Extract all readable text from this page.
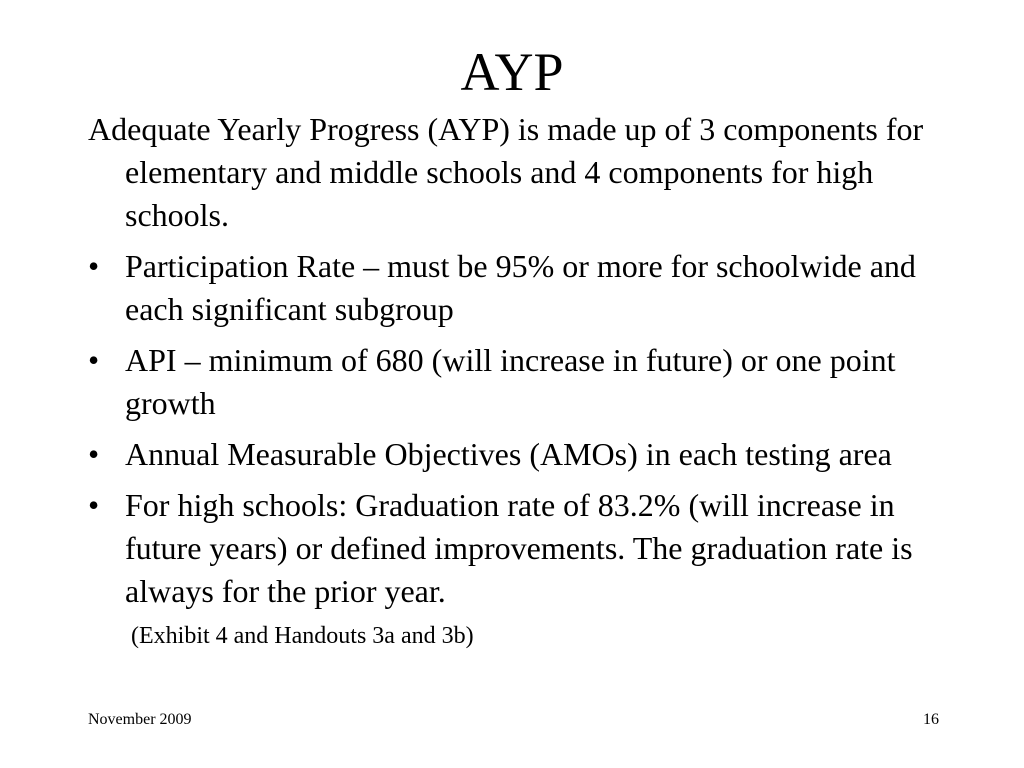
AYP

Adequate Yearly Progress (AYP) is made up of 3 components for elementary and middle schools and 4 components for high schools.

• Participation Rate – must be 95% or more for schoolwide and each significant subgroup
• API – minimum of 680 (will increase in future) or one point growth
• Annual Measurable Objectives (AMOs) in each testing area
• For high schools: Graduation rate of 83.2% (will increase in future years) or defined improvements. The graduation rate is always for the prior year.

(Exhibit 4 and Handouts 3a and 3b)

November 2009	16
